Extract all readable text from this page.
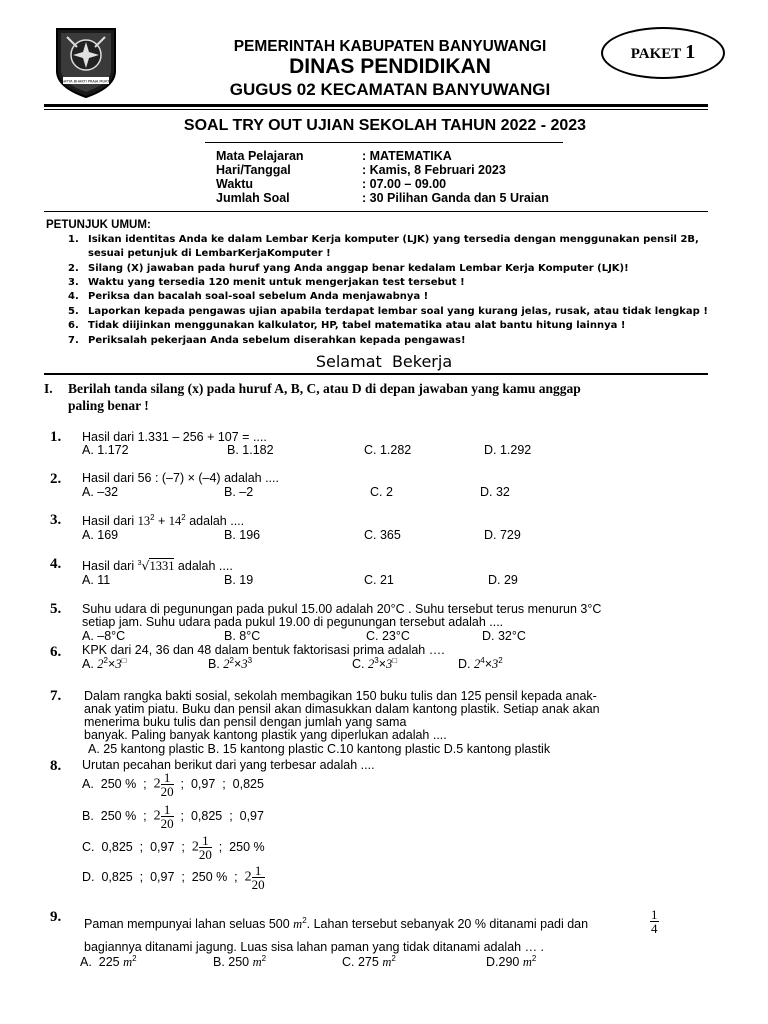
SATYA BHAKTI PRAJA MUKTI
PEMERINTAH KABUPATEN BANYUWANGI
DINAS PENDIDIKAN
GUGUS 02 KECAMATAN BANYUWANGI
PAKET 1
SOAL TRY OUT UJIAN SEKOLAH TAHUN 2022 - 2023
Mata Pelajaran	: MATEMATIKA
Hari/Tanggal	: Kamis, 8 Februari 2023
Waktu	: 07.00 – 09.00
Jumlah Soal	: 30 Pilihan Ganda dan 5 Uraian
PETUNJUK UMUM:
1. Isikan identitas Anda ke dalam Lembar Kerja komputer (LJK) yang tersedia dengan menggunakan pensil 2B,
sesuai petunjuk di LembarKerjaKomputer !
2. Silang (X) jawaban pada huruf yang Anda anggap benar kedalam Lembar Kerja Komputer (LJK)!
3. Waktu yang tersedia 120 menit untuk mengerjakan test tersebut !
4. Periksa dan bacalah soal-soal sebelum Anda menjawabnya !
5. Laporkan kepada pengawas ujian apabila terdapat lembar soal yang kurang jelas, rusak, atau tidak lengkap !
6. Tidak diijinkan menggunakan kalkulator, HP, tabel matematika atau alat bantu hitung lainnya !
7. Periksalah pekerjaan Anda sebelum diserahkan kepada pengawas!
Selamat  Bekerja
I. Berilah tanda silang (x) pada huruf A, B, C, atau D di depan jawaban yang kamu anggap
paling benar !
1. Hasil dari 1.331 – 256 + 107 = ....
A. 1.172	B. 1.182	C. 1.282	D. 1.292
2. Hasil dari 56 : (–7) × (–4) adalah ....
A. –32	B. –2	C. 2	D. 32
3. Hasil dari $13^2 + 14^2$ adalah ....
A. 169	B. 196	C. 365	D. 729
4. Hasil dari $^3$√1331 adalah ....
A. 11	B. 19	C. 21	D. 29
5. Suhu udara di pegunungan pada pukul 15.00 adalah 20°C . Suhu tersebut terus menurun 3°C
setiap jam. Suhu udara pada pukul 19.00 di pegunungan tersebut adalah ....
A. –8°C	B. 8°C	C. 23°C	D. 32°C
6. KPK dari 24, 36 dan 48 dalam bentuk faktorisasi prima adalah ….
A. $2^2\times 3^□$	B. $2^2\times 3^3$	C. $2^3\times 3^□$	D. $2^4\times 3^2$
7. Dalam rangka bakti sosial, sekolah membagikan 150 buku tulis dan 125 pensil kepada anak-
anak yatim piatu. Buku dan pensil akan dimasukkan dalam kantong plastik. Setiap anak akan
menerima buku tulis dan pensil dengan jumlah yang sama
banyak. Paling banyak kantong plastik yang diperlukan adalah ....
A. 25 kantong plastic B. 15 kantong plastic C.10 kantong plastic D.5 kantong plastik
8. Urutan pecahan berikut dari yang terbesar adalah ....
A. 250 %  ; $2 \frac{1}{20}$ ;  0,97  ;  0,825
B. 250 %  ; $2 \frac{1}{20}$ ;  0,825  ;  0,97
C. 0,825  ;  0,97  ; $2 \frac{1}{20}$ ;  250 %
D. 0,825  ;  0,97  ;  250 %  ; $2 \frac{1}{20}$
9. Paman mempunyai lahan seluas 500 $m^2$. Lahan tersebut sebanyak 20 % ditanami padi dan	$\frac{1}{4}$
bagiannya ditanami jagung. Luas sisa lahan paman yang tidak ditanami adalah … .
A.  225 $m^2$	B. 250 $m^2$	C. 275 $m^2$	D.290 $m^2$
